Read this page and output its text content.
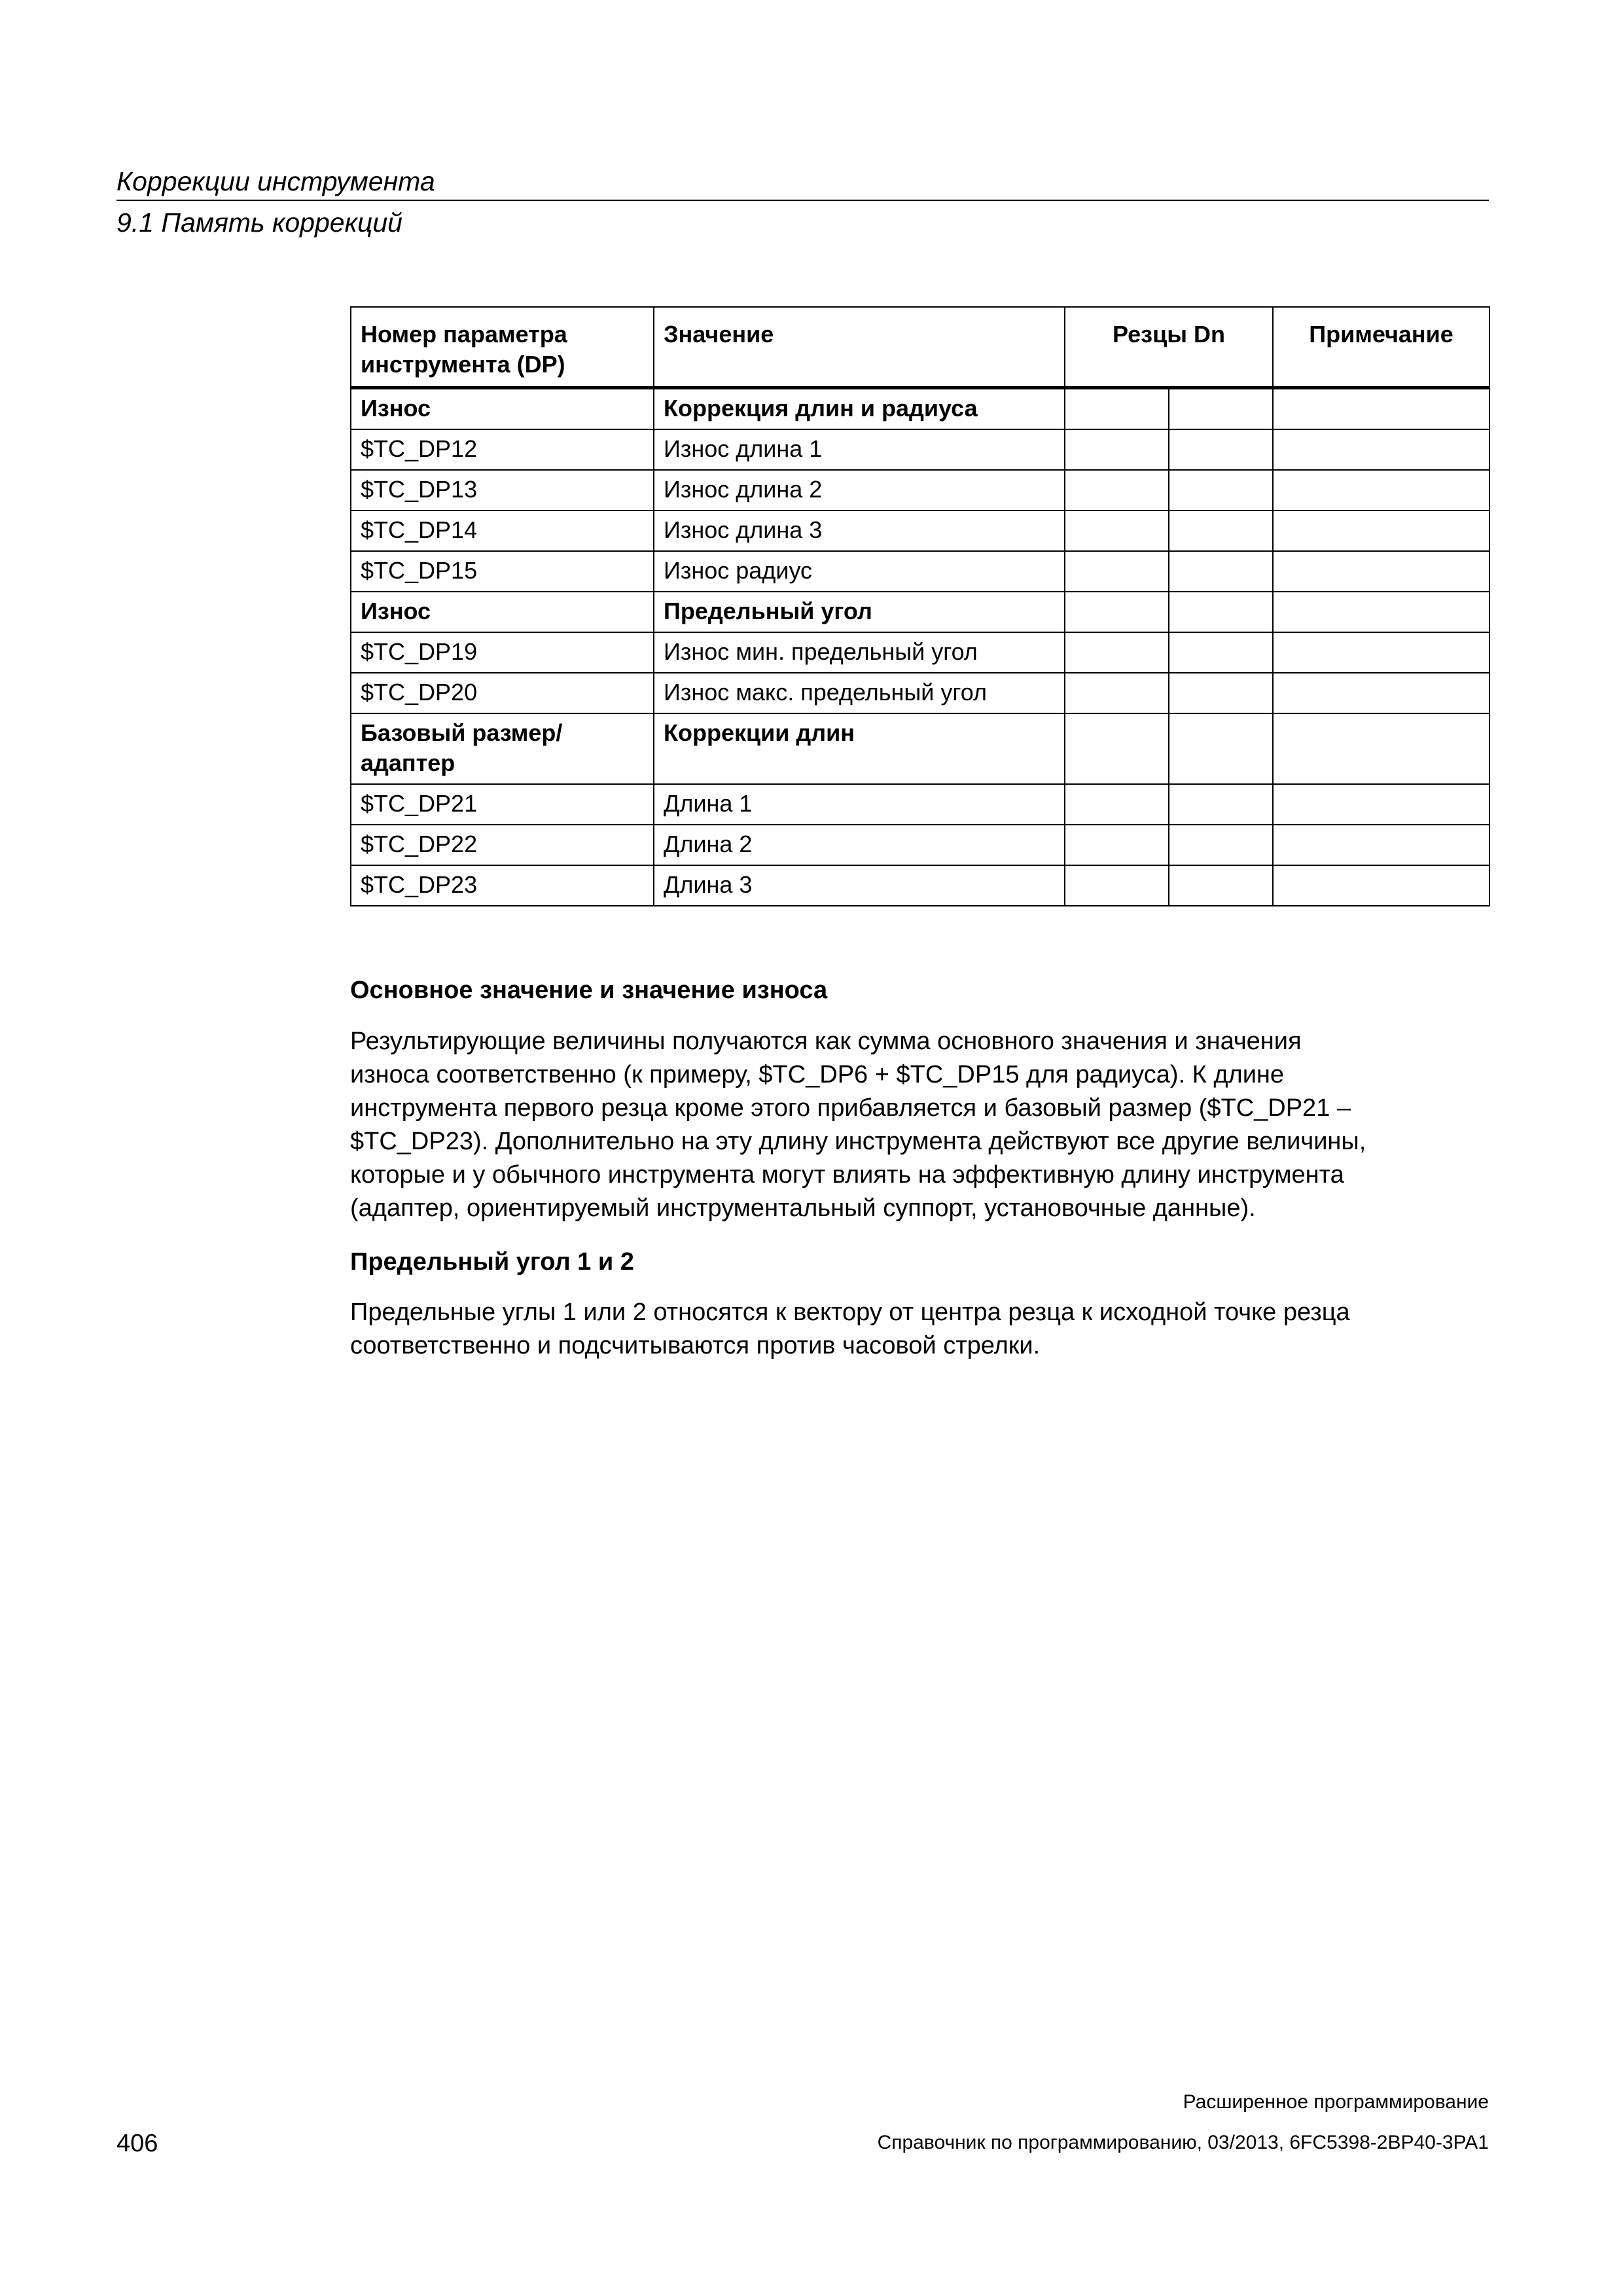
Коррекции инструмента
9.1 Память коррекций
Номер параметра инструмента (DP)	Значение	Резцы Dn		Примечание
Износ	Коррекция длин и радиуса			
$TC_DP12	Износ длина 1			
$TC_DP13	Износ длина 2			
$TC_DP14	Износ длина 3			
$TC_DP15	Износ радиус			
Износ	Предельный угол			
$TC_DP19	Износ мин. предельный угол			
$TC_DP20	Износ макс. предельный угол			
Базовый размер/адаптер	Коррекции длин			
$TC_DP21	Длина 1			
$TC_DP22	Длина 2			
$TC_DP23	Длина 3			
Основное значение и значение износа
Результирующие величины получаются как сумма основного значения и значения
износа соответственно (к примеру, $TC_DP6 + $TC_DP15 для радиуса). К длине
инструмента первого резца кроме этого прибавляется и базовый размер ($TC_DP21 –
$TC_DP23). Дополнительно на эту длину инструмента действуют все другие величины,
которые и у обычного инструмента могут влиять на эффективную длину инструмента
(адаптер, ориентируемый инструментальный суппорт, установочные данные).
Предельный угол 1 и 2
Предельные углы 1 или 2 относятся к вектору от центра резца к исходной точке резца
соответственно и подсчитываются против часовой стрелки.
Расширенное программирование
406	Справочник по программированию, 03/2013, 6FC5398-2BP40-3PA1
